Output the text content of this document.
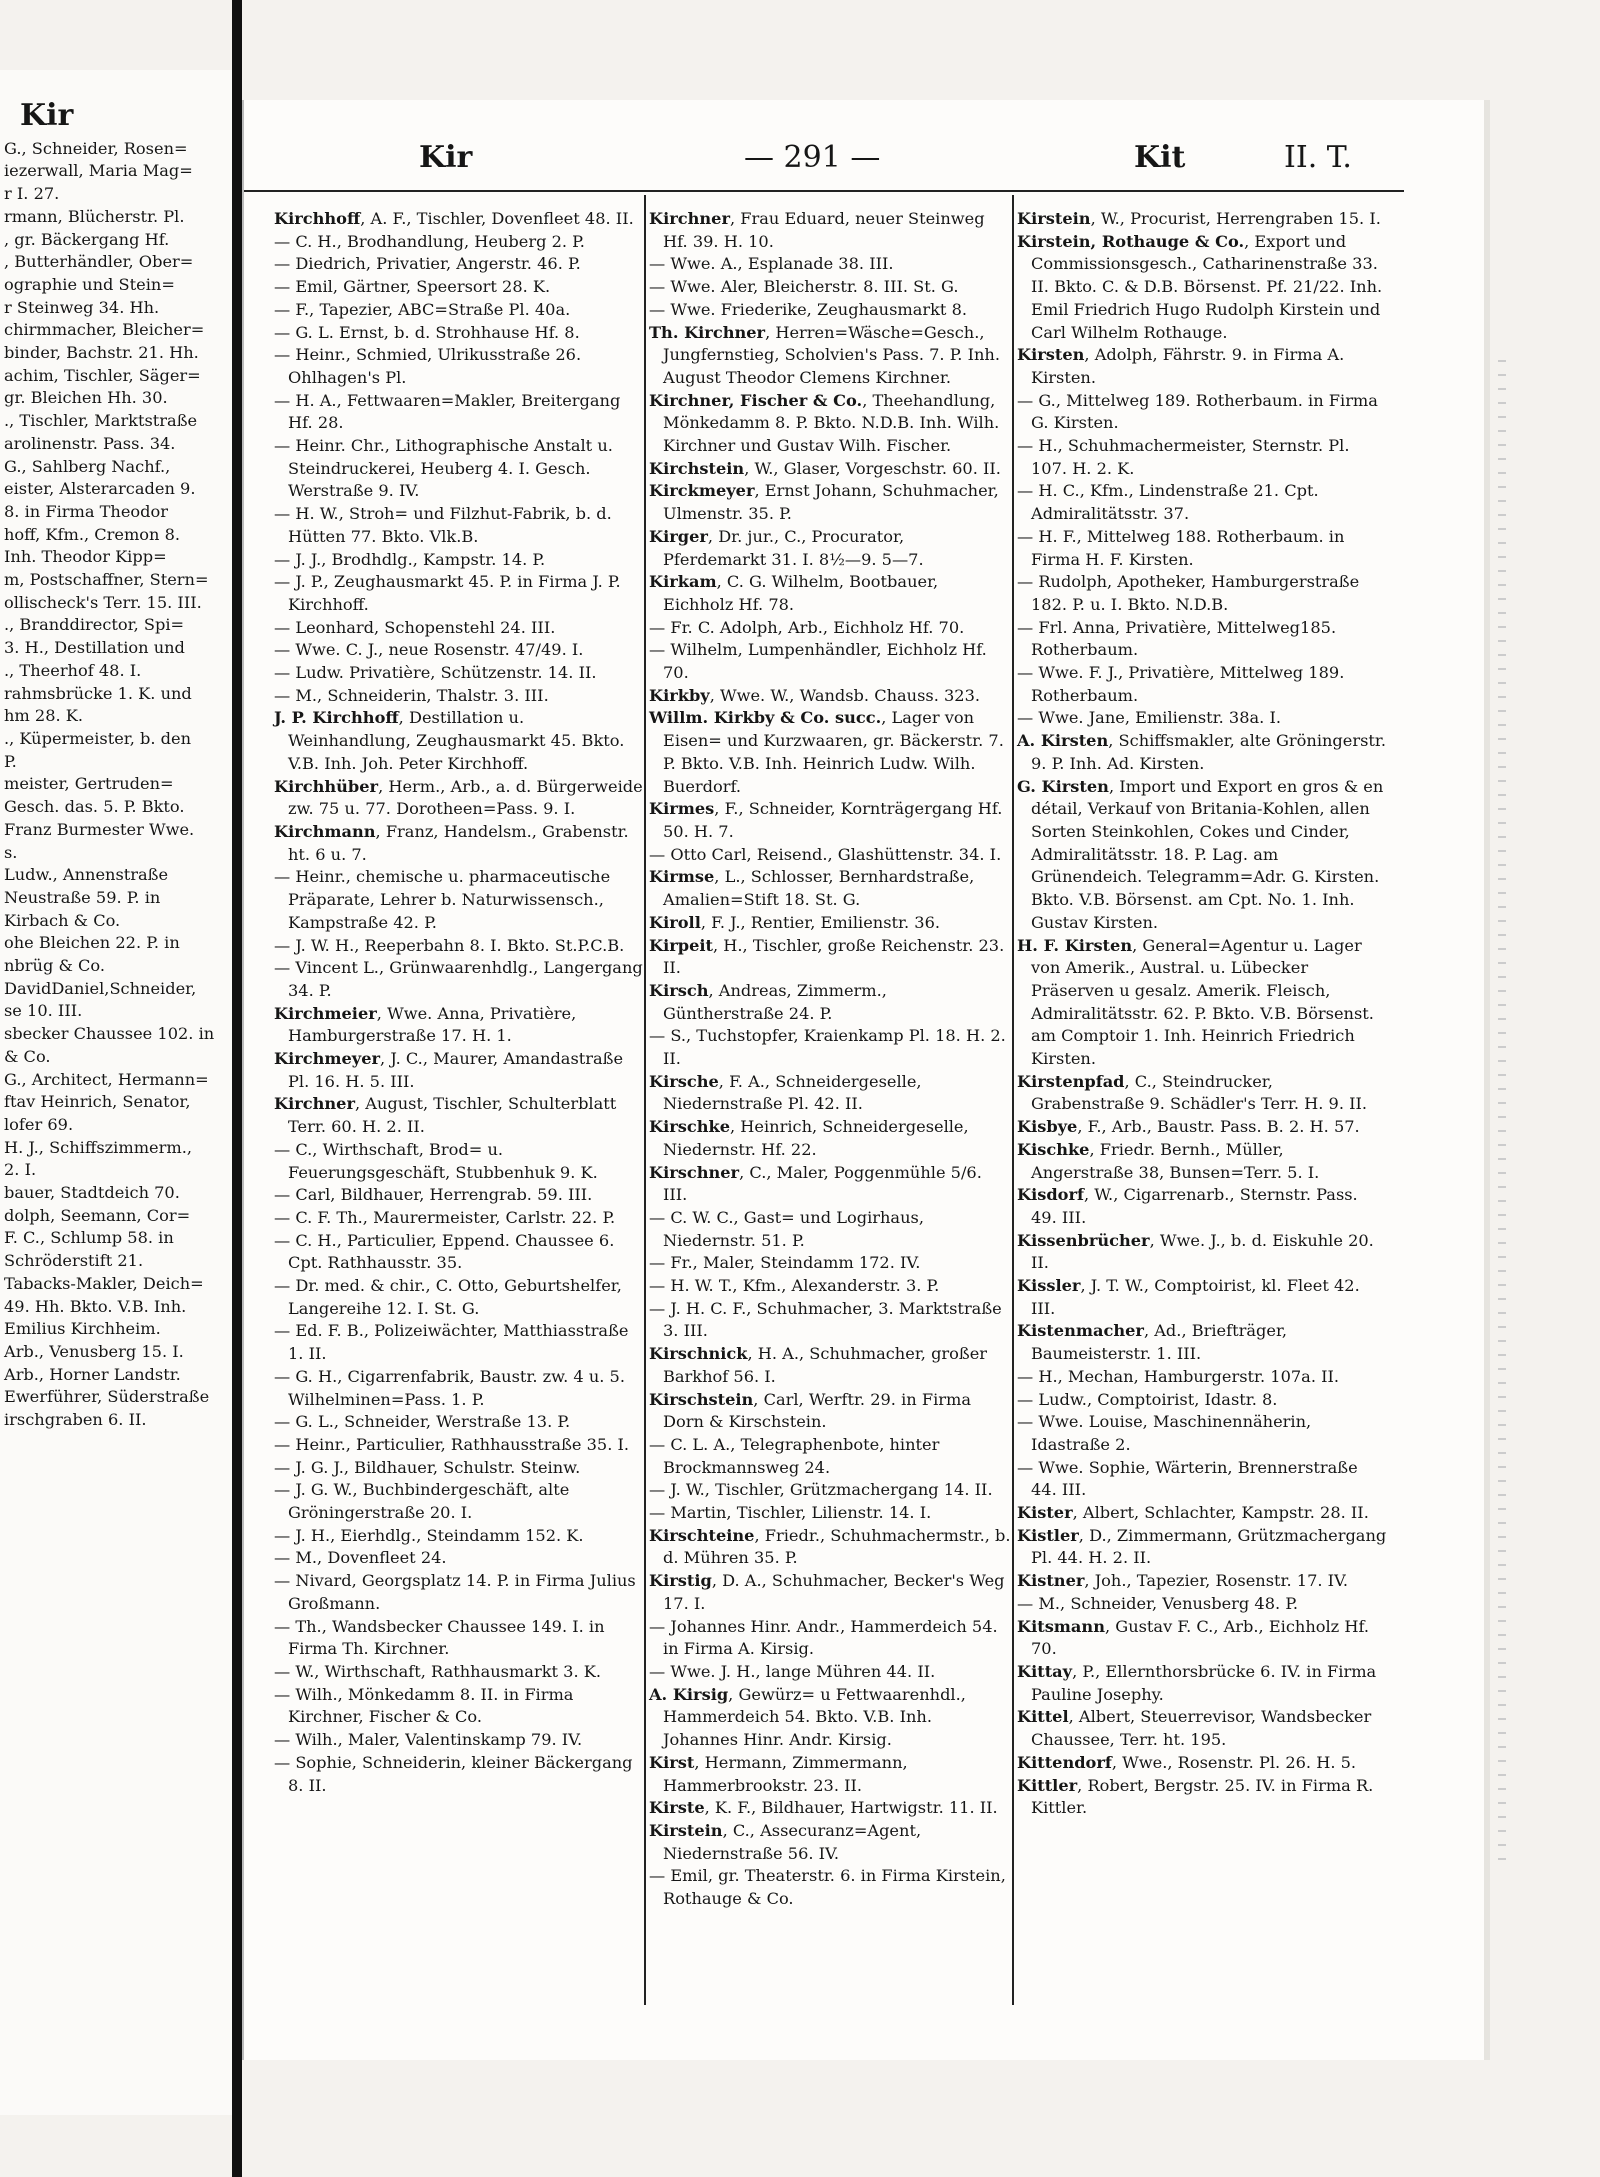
Kir

G., Schneider, Rosen=

iezerwall, Maria Mag=

r I. 27.

rmann, Blücherstr. Pl.

, gr. Bäckergang Hf.

, Butterhändler, Ober=

ographie und Stein=

r Steinweg 34. Hh.

chirmmacher, Bleicher=

binder, Bachstr. 21. Hh.

achim, Tischler, Säger=

gr. Bleichen Hh. 30.

., Tischler, Marktstraße

arolinenstr. Pass. 34.

G., Sahlberg Nachf.,

eister, Alsterarcaden 9.

8. in Firma Theodor

hoff, Kfm., Cremon 8.

Inh. Theodor Kipp=

m, Postschaffner, Stern=

ollischeck's Terr. 15. III.

., Branddirector, Spi=

3. H., Destillation und

., Theerhof 48. I.

rahmsbrücke 1. K. und

hm 28. K.

., Küpermeister, b. den

P.

meister, Gertruden=

Gesch. das. 5. P. Bkto.

Franz Burmester Wwe.

s.

Ludw., Annenstraße

Neustraße 59. P. in

Kirbach & Co.

ohe Bleichen 22. P. in

nbrüg & Co.

DavidDaniel,Schneider,

se 10. III.

sbecker Chaussee 102. in

& Co.

G., Architect, Hermann=

ftav Heinrich, Senator,

lofer 69.

H. J., Schiffszimmerm.,

2. I.

bauer, Stadtdeich 70.

dolph, Seemann, Cor=

F. C., Schlump 58. in

Schröderstift 21.

Tabacks-Makler, Deich=

49. Hh. Bkto. V.B. Inh.

Emilius Kirchheim.

Arb., Venusberg 15. I.

Arb., Horner Landstr.

Ewerführer, Süderstraße

irschgraben 6. II.

Kir	— 291 —	Kit	II. T.

Kirchhoff, A. F., Tischler, Dovenfleet 48. II.

— C. H., Brodhandlung, Heuberg 2. P.

— Diedrich, Privatier, Angerstr. 46. P.

— Emil, Gärtner, Speersort 28. K.

— F., Tapezier, ABC=Straße Pl. 40a.

— G. L. Ernst, b. d. Strohhause Hf. 8.

— Heinr., Schmied, Ulrikusstraße 26. Ohlhagen's Pl.

— H. A., Fettwaaren=Makler, Breitergang Hf. 28.

— Heinr. Chr., Lithographische Anstalt u. Steindruckerei, Heuberg 4. I. Gesch. Werstraße 9. IV.

— H. W., Stroh= und Filzhut-Fabrik, b. d. Hütten 77. Bkto. Vlk.B.

— J. J., Brodhdlg., Kampstr. 14. P.

— J. P., Zeughausmarkt 45. P. in Firma J. P. Kirchhoff.

— Leonhard, Schopenstehl 24. III.

— Wwe. C. J., neue Rosenstr. 47/49. I.

— Ludw. Privatière, Schützenstr. 14. II.

— M., Schneiderin, Thalstr. 3. III.

J. P. Kirchhoff, Destillation u. Weinhandlung, Zeughausmarkt 45. Bkto. V.B. Inh. Joh. Peter Kirchhoff.

Kirchhüber, Herm., Arb., a. d. Bürgerweide zw. 75 u. 77. Dorotheen=Pass. 9. I.

Kirchmann, Franz, Handelsm., Grabenstr. ht. 6 u. 7.

— Heinr., chemische u. pharmaceutische Präparate, Lehrer b. Naturwissensch., Kampstraße 42. P.

— J. W. H., Reeperbahn 8. I. Bkto. St.P.C.B.

— Vincent L., Grünwaarenhdlg., Langergang 34. P.

Kirchmeier, Wwe. Anna, Privatière, Hamburgerstraße 17. H. 1.

Kirchmeyer, J. C., Maurer, Amandastraße Pl. 16. H. 5. III.

Kirchner, August, Tischler, Schulterblatt Terr. 60. H. 2. II.

— C., Wirthschaft, Brod= u. Feuerungsgeschäft, Stubbenhuk 9. K.

— Carl, Bildhauer, Herrengrab. 59. III.

— C. F. Th., Maurermeister, Carlstr. 22. P.

— C. H., Particulier, Eppend. Chaussee 6. Cpt. Rathhausstr. 35.

— Dr. med. & chir., C. Otto, Geburtshelfer, Langereihe 12. I. St. G.

— Ed. F. B., Polizeiwächter, Matthiasstraße 1. II.

— G. H., Cigarrenfabrik, Baustr. zw. 4 u. 5. Wilhelminen=Pass. 1. P.

— G. L., Schneider, Werstraße 13. P.

— Heinr., Particulier, Rathhausstraße 35. I.

— J. G. J., Bildhauer, Schulstr. Steinw.

— J. G. W., Buchbindergeschäft, alte Gröningerstraße 20. I.

— J. H., Eierhdlg., Steindamm 152. K.

— M., Dovenfleet 24.

— Nivard, Georgsplatz 14. P. in Firma Julius Großmann.

— Th., Wandsbecker Chaussee 149. I. in Firma Th. Kirchner.

— W., Wirthschaft, Rathhausmarkt 3. K.

— Wilh., Mönkedamm 8. II. in Firma Kirchner, Fischer & Co.

— Wilh., Maler, Valentinskamp 79. IV.

— Sophie, Schneiderin, kleiner Bäckergang 8. II.

Kirchner, Frau Eduard, neuer Steinweg Hf. 39. H. 10.

— Wwe. A., Esplanade 38. III.

— Wwe. Aler, Bleicherstr. 8. III. St. G.

— Wwe. Friederike, Zeughausmarkt 8.

Th. Kirchner, Herren=Wäsche=Gesch., Jungfernstieg, Scholvien's Pass. 7. P. Inh. August Theodor Clemens Kirchner.

Kirchner, Fischer & Co., Theehandlung, Mönkedamm 8. P. Bkto. N.D.B. Inh. Wilh. Kirchner und Gustav Wilh. Fischer.

Kirchstein, W., Glaser, Vorgeschstr. 60. II.

Kirckmeyer, Ernst Johann, Schuhmacher, Ulmenstr. 35. P.

Kirger, Dr. jur., C., Procurator, Pferdemarkt 31. I. 8½—9. 5—7.

Kirkam, C. G. Wilhelm, Bootbauer, Eichholz Hf. 78.

— Fr. C. Adolph, Arb., Eichholz Hf. 70.

— Wilhelm, Lumpenhändler, Eichholz Hf. 70.

Kirkby, Wwe. W., Wandsb. Chauss. 323.

Willm. Kirkby & Co. succ., Lager von Eisen= und Kurzwaaren, gr. Bäckerstr. 7. P. Bkto. V.B. Inh. Heinrich Ludw. Wilh. Buerdorf.

Kirmes, F., Schneider, Kornträgergang Hf. 50. H. 7.

— Otto Carl, Reisend., Glashüttenstr. 34. I.

Kirmse, L., Schlosser, Bernhardstraße, Amalien=Stift 18. St. G.

Kiroll, F. J., Rentier, Emilienstr. 36.

Kirpeit, H., Tischler, große Reichenstr. 23. II.

Kirsch, Andreas, Zimmerm., Güntherstraße 24. P.

— S., Tuchstopfer, Kraienkamp Pl. 18. H. 2. II.

Kirsche, F. A., Schneidergeselle, Niedernstraße Pl. 42. II.

Kirschke, Heinrich, Schneidergeselle, Niedernstr. Hf. 22.

Kirschner, C., Maler, Poggenmühle 5/6. III.

— C. W. C., Gast= und Logirhaus, Niedernstr. 51. P.

— Fr., Maler, Steindamm 172. IV.

— H. W. T., Kfm., Alexanderstr. 3. P.

— J. H. C. F., Schuhmacher, 3. Marktstraße 3. III.

Kirschnick, H. A., Schuhmacher, großer Barkhof 56. I.

Kirschstein, Carl, Werftr. 29. in Firma Dorn & Kirschstein.

— C. L. A., Telegraphenbote, hinter Brockmannsweg 24.

— J. W., Tischler, Grützmachergang 14. II.

— Martin, Tischler, Lilienstr. 14. I.

Kirschteine, Friedr., Schuhmachermstr., b. d. Mühren 35. P.

Kirstig, D. A., Schuhmacher, Becker's Weg 17. I.

— Johannes Hinr. Andr., Hammerdeich 54. in Firma A. Kirsig.

— Wwe. J. H., lange Mühren 44. II.

A. Kirsig, Gewürz= u Fettwaarenhdl., Hammerdeich 54. Bkto. V.B. Inh. Johannes Hinr. Andr. Kirsig.

Kirst, Hermann, Zimmermann, Hammerbrookstr. 23. II.

Kirste, K. F., Bildhauer, Hartwigstr. 11. II.

Kirstein, C., Assecuranz=Agent, Niedernstraße 56. IV.

— Emil, gr. Theaterstr. 6. in Firma Kirstein, Rothauge & Co.

Kirstein, W., Procurist, Herrengraben 15. I.

Kirstein, Rothauge & Co., Export und Commissionsgesch., Catharinenstraße 33. II. Bkto. C. & D.B. Börsenst. Pf. 21/22. Inh. Emil Friedrich Hugo Rudolph Kirstein und Carl Wilhelm Rothauge.

Kirsten, Adolph, Fährstr. 9. in Firma A. Kirsten.

— G., Mittelweg 189. Rotherbaum. in Firma G. Kirsten.

— H., Schuhmachermeister, Sternstr. Pl. 107. H. 2. K.

— H. C., Kfm., Lindenstraße 21. Cpt. Admiralitätsstr. 37.

— H. F., Mittelweg 188. Rotherbaum. in Firma H. F. Kirsten.

— Rudolph, Apotheker, Hamburgerstraße 182. P. u. I. Bkto. N.D.B.

— Frl. Anna, Privatière, Mittelweg185. Rotherbaum.

— Wwe. F. J., Privatière, Mittelweg 189. Rotherbaum.

— Wwe. Jane, Emilienstr. 38a. I.

A. Kirsten, Schiffsmakler, alte Gröningerstr. 9. P. Inh. Ad. Kirsten.

G. Kirsten, Import und Export en gros & en détail, Verkauf von Britania-Kohlen, allen Sorten Steinkohlen, Cokes und Cinder, Admiralitätsstr. 18. P. Lag. am Grünendeich. Telegramm=Adr. G. Kirsten. Bkto. V.B. Börsenst. am Cpt. No. 1. Inh. Gustav Kirsten.

H. F. Kirsten, General=Agentur u. Lager von Amerik., Austral. u. Lübecker Präserven u gesalz. Amerik. Fleisch, Admiralitätsstr. 62. P. Bkto. V.B. Börsenst. am Comptoir 1. Inh. Heinrich Friedrich Kirsten.

Kirstenpfad, C., Steindrucker, Grabenstraße 9. Schädler's Terr. H. 9. II.

Kisbye, F., Arb., Baustr. Pass. B. 2. H. 57.

Kischke, Friedr. Bernh., Müller, Angerstraße 38, Bunsen=Terr. 5. I.

Kisdorf, W., Cigarrenarb., Sternstr. Pass. 49. III.

Kissenbrücher, Wwe. J., b. d. Eiskuhle 20. II.

Kissler, J. T. W., Comptoirist, kl. Fleet 42. III.

Kistenmacher, Ad., Briefträger, Baumeisterstr. 1. III.

— H., Mechan, Hamburgerstr. 107a. II.

— Ludw., Comptoirist, Idastr. 8.

— Wwe. Louise, Maschinennäherin, Idastraße 2.

— Wwe. Sophie, Wärterin, Brennerstraße 44. III.

Kister, Albert, Schlachter, Kampstr. 28. II.

Kistler, D., Zimmermann, Grützmachergang Pl. 44. H. 2. II.

Kistner, Joh., Tapezier, Rosenstr. 17. IV.

— M., Schneider, Venusberg 48. P.

Kitsmann, Gustav F. C., Arb., Eichholz Hf. 70.

Kittay, P., Ellernthorsbrücke 6. IV. in Firma Pauline Josephy.

Kittel, Albert, Steuerrevisor, Wandsbecker Chaussee, Terr. ht. 195.

Kittendorf, Wwe., Rosenstr. Pl. 26. H. 5.

Kittler, Robert, Bergstr. 25. IV. in Firma R. Kittler.
